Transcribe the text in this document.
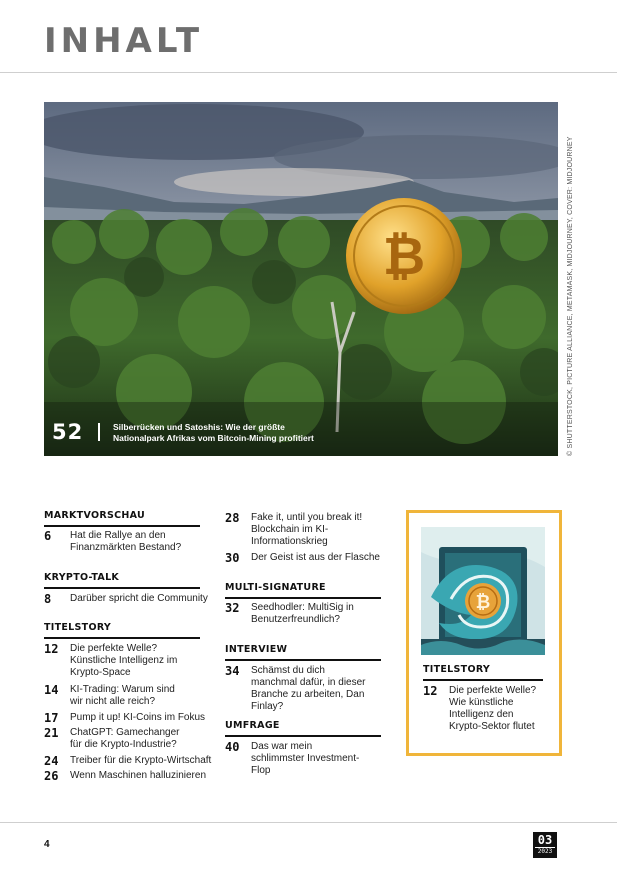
INHALT
₿
52	Silberrücken und Satoshis: Wie der größte
Nationalpark Afrikas vom Bitcoin-Mining profitiert	© SHUTTERSTOCK, PICTURE ALLIANCE, METAMASK, MIDJOURNEY, COVER: MIDJOURNEY
MARKTVORSCHAU
6	Hat die Rallye an den Finanzmärkten Bestand?
KRYPTO-TALK
8	Darüber spricht die Community
TITELSTORY
12	Die perfekte Welle? Künstliche Intelligenz im Krypto-Space
14	KI-Trading: Warum sind wir nicht alle reich?
17	Pump it up! KI-Coins im Fokus
21	ChatGPT: Gamechanger für die Krypto-Industrie?
24	Treiber für die Krypto-Wirtschaft
26	Wenn Maschinen halluzinieren
28	Fake it, until you break it! Blockchain im KI-Informationskrieg
30	Der Geist ist aus der Flasche
MULTI-SIGNATURE
32	Seedhodler: MultiSig in Benutzerfreundlich?
INTERVIEW
34	Schämst du dich manchmal dafür, in dieser Branche zu arbeiten, Dan Finlay?
UMFRAGE
40	Das war mein schlimmster Investment-Flop
₿
TITELSTORY
12	Die perfekte Welle? Wie künstliche Intelligenz den Krypto-Sektor flutet
4	03
2023
